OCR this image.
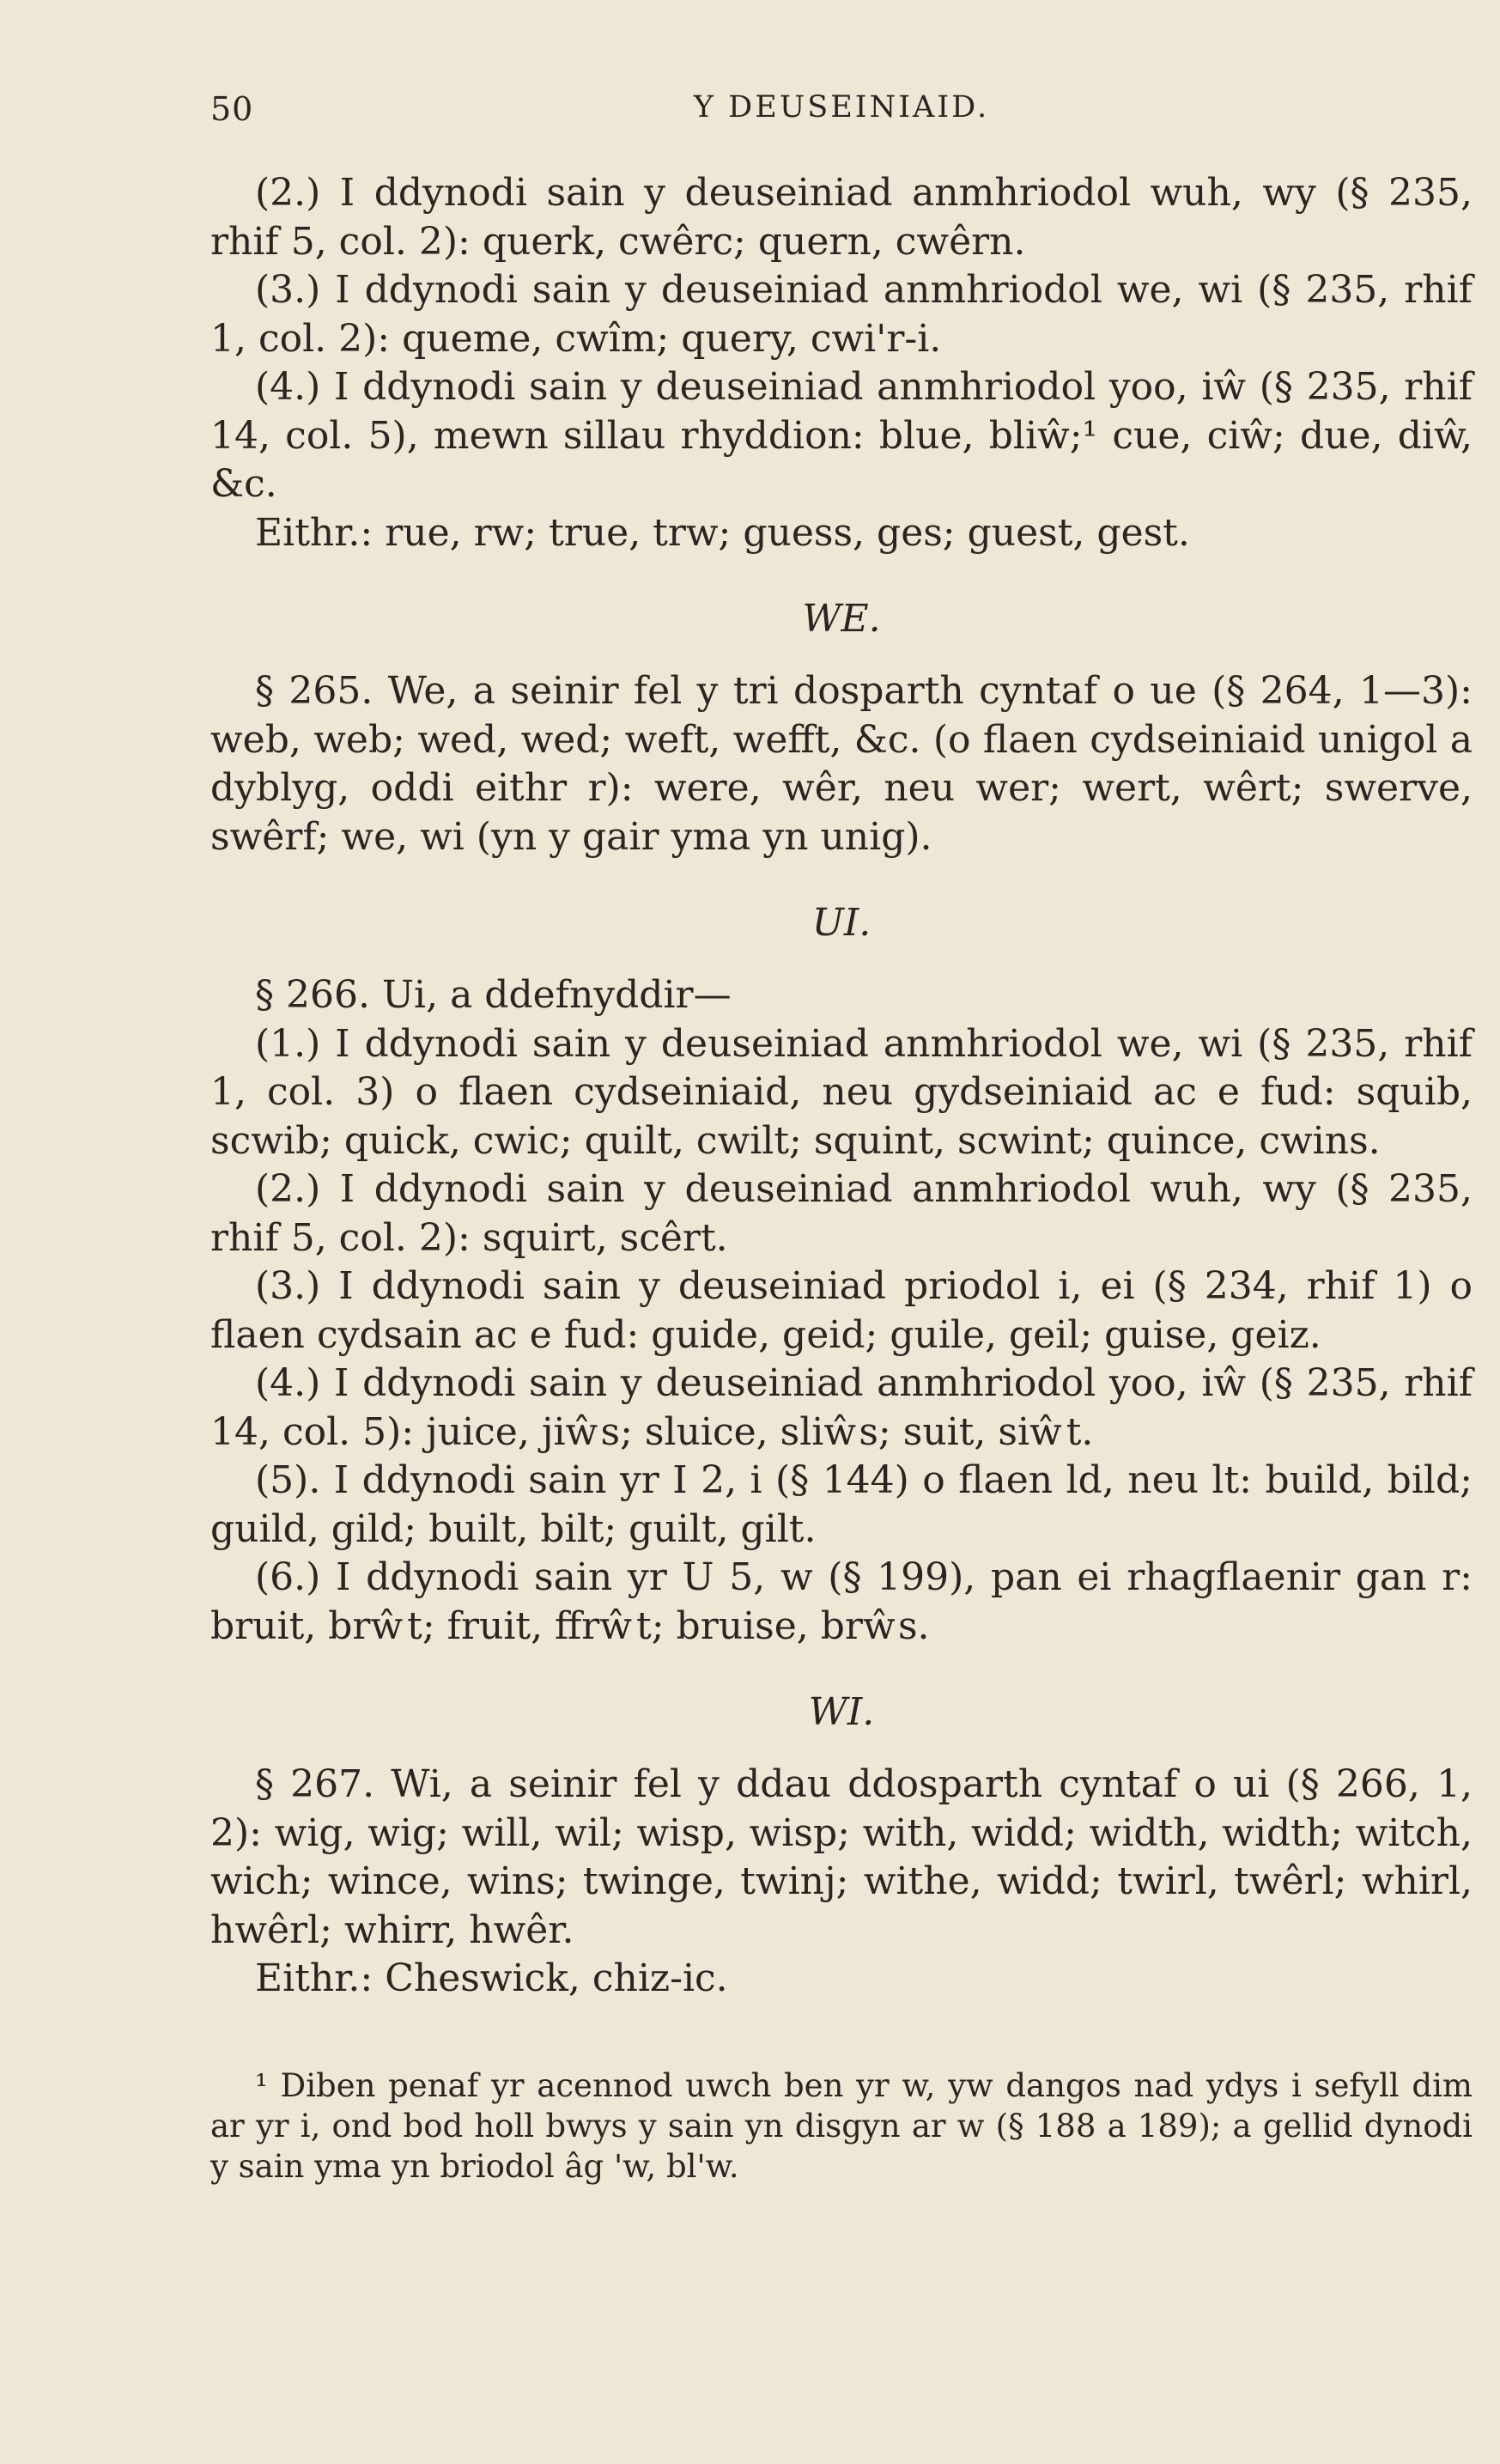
50	Y DEUSEINIAID.

(2.) I ddynodi sain y deuseiniad anmhriodol wuh, wy (§ 235, rhif 5, col. 2): querk, cwêrc; quern, cwêrn.

(3.) I ddynodi sain y deuseiniad anmhriodol we, wi (§ 235, rhif 1, col. 2): queme, cwîm; query, cwi'r-i.

(4.) I ddynodi sain y deuseiniad anmhriodol yoo, iŵ (§ 235, rhif 14, col. 5), mewn sillau rhyddion: blue, bliŵ;¹ cue, ciŵ; due, diŵ, &c.

Eithr.: rue, rw; true, trw; guess, ges; guest, gest.

WE.

§ 265. We, a seinir fel y tri dosparth cyntaf o ue (§ 264, 1—3): web, web; wed, wed; weft, wefft, &c. (o flaen cydseiniaid unigol a dyblyg, oddi eithr r): were, wêr, neu wer; wert, wêrt; swerve, swêrf; we, wi (yn y gair yma yn unig).

UI.

§ 266. Ui, a ddefnyddir—

(1.) I ddynodi sain y deuseiniad anmhriodol we, wi (§ 235, rhif 1, col. 3) o flaen cydseiniaid, neu gydseiniaid ac e fud: squib, scwib; quick, cwic; quilt, cwilt; squint, scwint; quince, cwins.

(2.) I ddynodi sain y deuseiniad anmhriodol wuh, wy (§ 235, rhif 5, col. 2): squirt, scêrt.

(3.) I ddynodi sain y deuseiniad priodol i, ei (§ 234, rhif 1) o flaen cydsain ac e fud: guide, geid; guile, geil; guise, geiz.

(4.) I ddynodi sain y deuseiniad anmhriodol yoo, iŵ (§ 235, rhif 14, col. 5): juice, jiŵs; sluice, sliŵs; suit, siŵt.

(5). I ddynodi sain yr I 2, i (§ 144) o flaen ld, neu lt: build, bild; guild, gild; built, bilt; guilt, gilt.

(6.) I ddynodi sain yr U 5, w (§ 199), pan ei rhagflaenir gan r: bruit, brŵt; fruit, ffrŵt; bruise, brŵs.

WI.

§ 267. Wi, a seinir fel y ddau ddosparth cyntaf o ui (§ 266, 1, 2): wig, wig; will, wil; wisp, wisp; with, widd; width, width; witch, wich; wince, wins; twinge, twinj; withe, widd; twirl, twêrl; whirl, hwêrl; whirr, hwêr.

Eithr.: Cheswick, chiz-ic.

¹ Diben penaf yr acennod uwch ben yr w, yw dangos nad ydys i sefyll dim ar yr i, ond bod holl bwys y sain yn disgyn ar w (§ 188 a 189); a gellid dynodi y sain yma yn briodol âg 'w, bl'w.
